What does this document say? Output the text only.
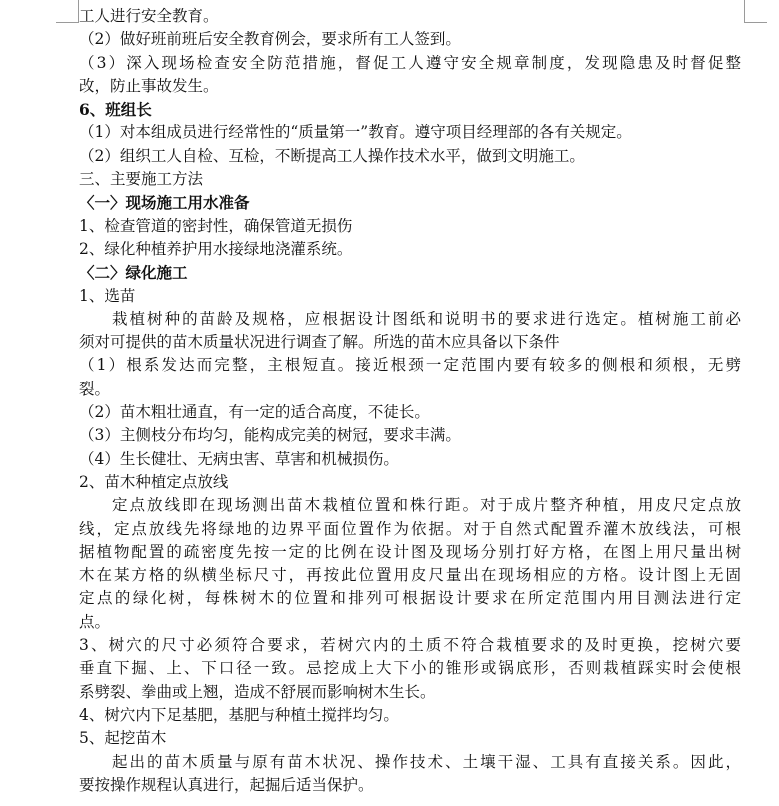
工人进行安全教育。
（2）做好班前班后安全教育例会，要求所有工人签到。
（3）深入现场检查安全防范措施，督促工人遵守安全规章制度，发现隐患及时督促整
改，防止事故发生。
6、班组长
（1）对本组成员进行经常性的“质量第一”教育。遵守项目经理部的各有关规定。
（2）组织工人自检、互检，不断提高工人操作技术水平，做到文明施工。
三、主要施工方法
〈一〉现场施工用水准备
1、检查管道的密封性，确保管道无损伤
2、绿化种植养护用水接绿地浇灌系统。
〈二〉绿化施工
1、选苗
栽植树种的苗龄及规格，应根据设计图纸和说明书的要求进行选定。植树施工前必
须对可提供的苗木质量状况进行调查了解。所选的苗木应具备以下条件
（1）根系发达而完整，主根短直。接近根颈一定范围内要有较多的侧根和须根，无劈
裂。
（2）苗木粗壮通直，有一定的适合高度，不徒长。
（3）主侧枝分布均匀，能构成完美的树冠，要求丰满。
（4）生长健壮、无病虫害、草害和机械损伤。
2、苗木种植定点放线
定点放线即在现场测出苗木栽植位置和株行距。对于成片整齐种植，用皮尺定点放
线，定点放线先将绿地的边界平面位置作为依据。对于自然式配置乔灌木放线法，可根
据植物配置的疏密度先按一定的比例在设计图及现场分别打好方格，在图上用尺量出树
木在某方格的纵横坐标尺寸，再按此位置用皮尺量出在现场相应的方格。设计图上无固
定点的绿化树，每株树木的位置和排列可根据设计要求在所定范围内用目测法进行定
点。
3、树穴的尺寸必须符合要求，若树穴内的土质不符合栽植要求的及时更换，挖树穴要
垂直下掘、上、下口径一致。忌挖成上大下小的锥形或锅底形，否则栽植踩实时会使根
系劈裂、拳曲或上翘，造成不舒展而影响树木生长。
4、树穴内下足基肥，基肥与种植土搅拌均匀。
5、起挖苗木
起出的苗木质量与原有苗木状况、操作技术、土壤干湿、工具有直接关系。因此，
要按操作规程认真进行，起掘后适当保护。
